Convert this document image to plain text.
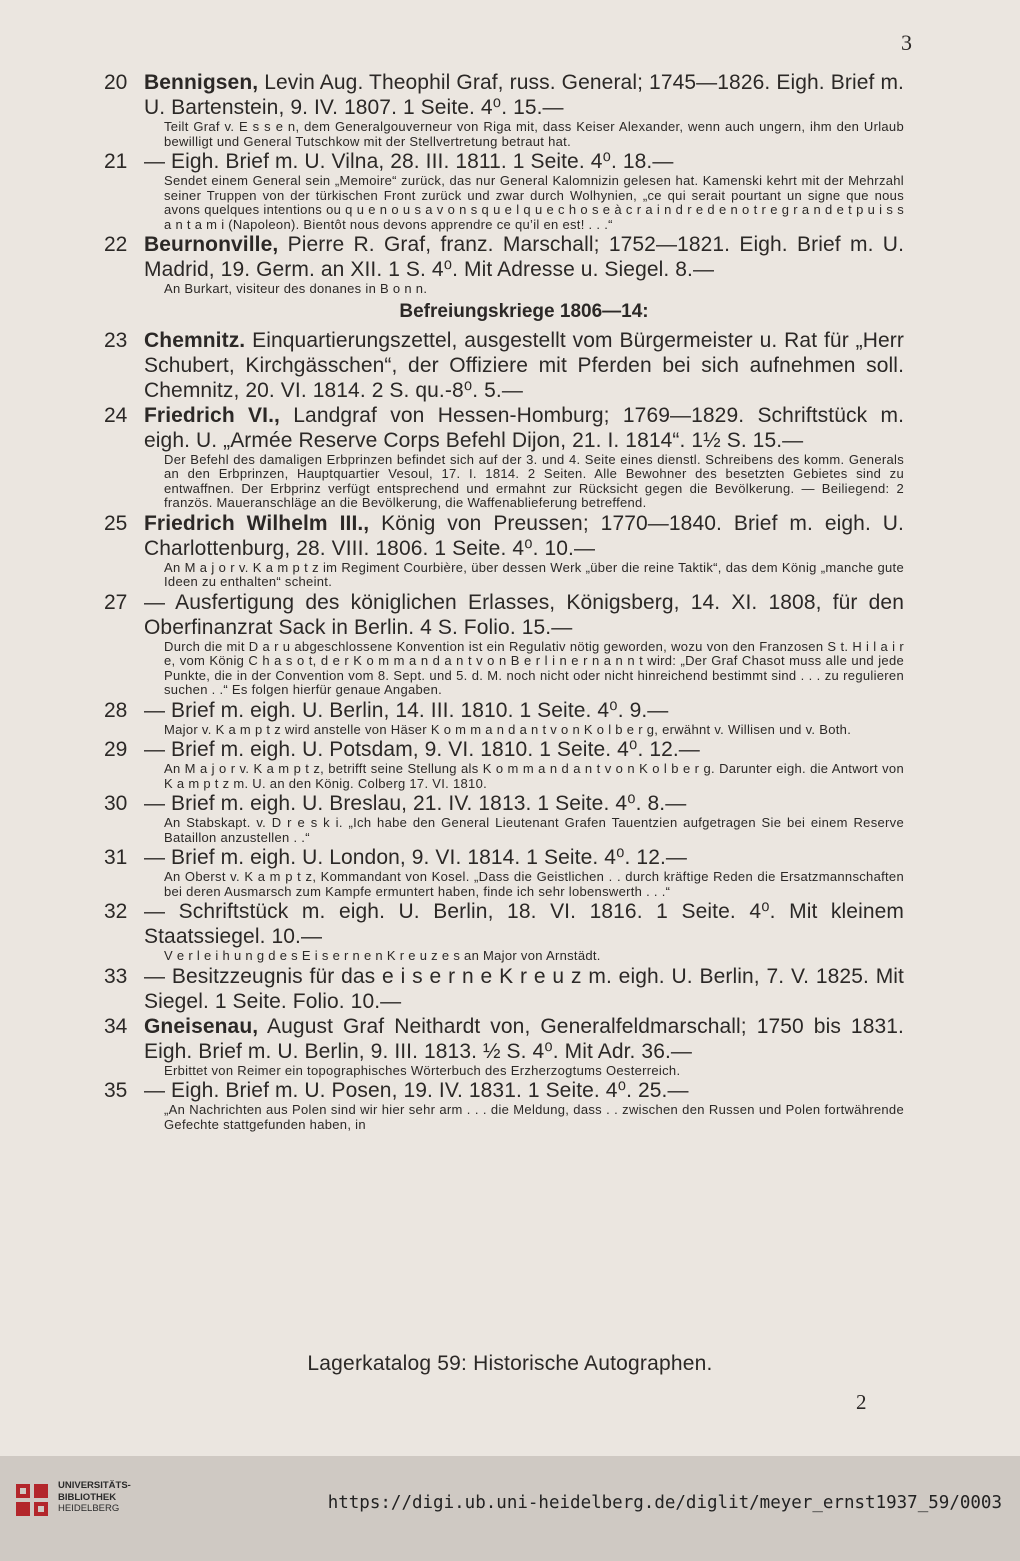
3
20 Bennigsen, Levin Aug. Theophil Graf, russ. General; 1745—1826. Eigh. Brief m. U. Bartenstein, 9. IV. 1807. 1 Seite. 4⁰. 15.—
Teilt Graf v. E s s e n, dem Generalgouverneur von Riga mit, dass Keiser Alexander, wenn auch ungern, ihm den Urlaub bewilligt und General Tutschkow mit der Stellvertretung betraut hat.
21 — Eigh. Brief m. U. Vilna, 28. III. 1811. 1 Seite. 4⁰. 18.—
Sendet einem General sein „Memoire“ zurück, das nur General Kalomnizin gelesen hat. Kamenski kehrt mit der Mehrzahl seiner Truppen von der türkischen Front zurück und zwar durch Wolhynien, „ce qui serait pourtant un signe que nous avons quelques intentions ou q u e n o u s a v o n s q u e l q u e c h o s e à c r a i n d r e d e n o t r e g r a n d e t p u i s s a n t a m i (Napoleon). Bientôt nous devons apprendre ce qu’il en est! . . .“
22 Beurnonville, Pierre R. Graf, franz. Marschall; 1752—1821. Eigh. Brief m. U. Madrid, 19. Germ. an XII. 1 S. 4⁰. Mit Adresse u. Siegel. 8.—
An Burkart, visiteur des donanes in B o n n.
Befreiungskriege 1806—14:
23 Chemnitz. Einquartierungszettel, ausgestellt vom Bürgermeister u. Rat für „Herr Schubert, Kirchgässchen“, der Offiziere mit Pferden bei sich aufnehmen soll. Chemnitz, 20. VI. 1814. 2 S. qu.-8⁰. 5.—
24 Friedrich VI., Landgraf von Hessen-Homburg; 1769—1829. Schriftstück m. eigh. U. „Armée Reserve Corps Befehl Dijon, 21. I. 1814“. 1½ S. 15.—
Der Befehl des damaligen Erbprinzen befindet sich auf der 3. und 4. Seite eines dienstl. Schreibens des komm. Generals an den Erbprinzen, Hauptquartier Vesoul, 17. I. 1814. 2 Seiten. Alle Bewohner des besetzten Gebietes sind zu entwaffnen. Der Erbprinz verfügt entsprechend und ermahnt zur Rücksicht gegen die Bevölkerung. — Beiliegend: 2 französ. Maueranschläge an die Bevölkerung, die Waffenablieferung betreffend.
25 Friedrich Wilhelm III., König von Preussen; 1770—1840. Brief m. eigh. U. Charlottenburg, 28. VIII. 1806. 1 Seite. 4⁰. 10.—
An M a j o r v. K a m p t z im Regiment Courbière, über dessen Werk „über die reine Taktik“, das dem König „manche gute Ideen zu enthalten“ scheint.
27 — Ausfertigung des königlichen Erlasses, Königsberg, 14. XI. 1808, für den Oberfinanzrat Sack in Berlin. 4 S. Folio. 15.—
Durch die mit D a r u abgeschlossene Konvention ist ein Regulativ nötig geworden, wozu von den Franzosen S t. H i l a i r e, vom König C h a s o t, d e r K o m m a n d a n t v o n B e r l i n e r n a n n t wird: „Der Graf Chasot muss alle und jede Punkte, die in der Convention vom 8. Sept. und 5. d. M. noch nicht oder nicht hinreichend bestimmt sind . . . zu regulieren suchen . .“ Es folgen hierfür genaue Angaben.
28 — Brief m. eigh. U. Berlin, 14. III. 1810. 1 Seite. 4⁰. 9.—
Major v. K a m p t z wird anstelle von Häser K o m m a n d a n t v o n K o l b e r g, erwähnt v. Willisen und v. Both.
29 — Brief m. eigh. U. Potsdam, 9. VI. 1810. 1 Seite. 4⁰. 12.—
An M a j o r v. K a m p t z, betrifft seine Stellung als K o m m a n d a n t v o n K o l b e r g. Darunter eigh. die Antwort von K a m p t z m. U. an den König. Colberg 17. VI. 1810.
30 — Brief m. eigh. U. Breslau, 21. IV. 1813. 1 Seite. 4⁰. 8.—
An Stabskapt. v. D r e s k i. „Ich habe den General Lieutenant Grafen Tauentzien aufgetragen Sie bei einem Reserve Bataillon anzustellen . .“
31 — Brief m. eigh. U. London, 9. VI. 1814. 1 Seite. 4⁰. 12.—
An Oberst v. K a m p t z, Kommandant von Kosel. „Dass die Geistlichen . . durch kräftige Reden die Ersatzmannschaften bei deren Ausmarsch zum Kampfe ermuntert haben, finde ich sehr lobenswerth . . .“
32 — Schriftstück m. eigh. U. Berlin, 18. VI. 1816. 1 Seite. 4⁰. Mit kleinem Staatssiegel. 10.—
V e r l e i h u n g d e s E i s e r n e n K r e u z e s an Major von Arnstädt.
33 — Besitzzeugnis für das e i s e r n e K r e u z m. eigh. U. Berlin, 7. V. 1825. Mit Siegel. 1 Seite. Folio. 10.—
34 Gneisenau, August Graf Neithardt von, Generalfeldmarschall; 1750 bis 1831. Eigh. Brief m. U. Berlin, 9. III. 1813. ½ S. 4⁰. Mit Adr. 36.—
Erbittet von Reimer ein topographisches Wörterbuch des Erzherzogtums Oesterreich.
35 — Eigh. Brief m. U. Posen, 19. IV. 1831. 1 Seite. 4⁰. 25.—
„An Nachrichten aus Polen sind wir hier sehr arm . . . die Meldung, dass . . zwischen den Russen und Polen fortwährende Gefechte stattgefunden haben, in
Lagerkatalog 59: Historische Autographen.
2
UNIVERSITÄTS-
BIBLIOTHEK
HEIDELBERG	https://digi.ub.uni-heidelberg.de/diglit/meyer_ernst1937_59/0003
